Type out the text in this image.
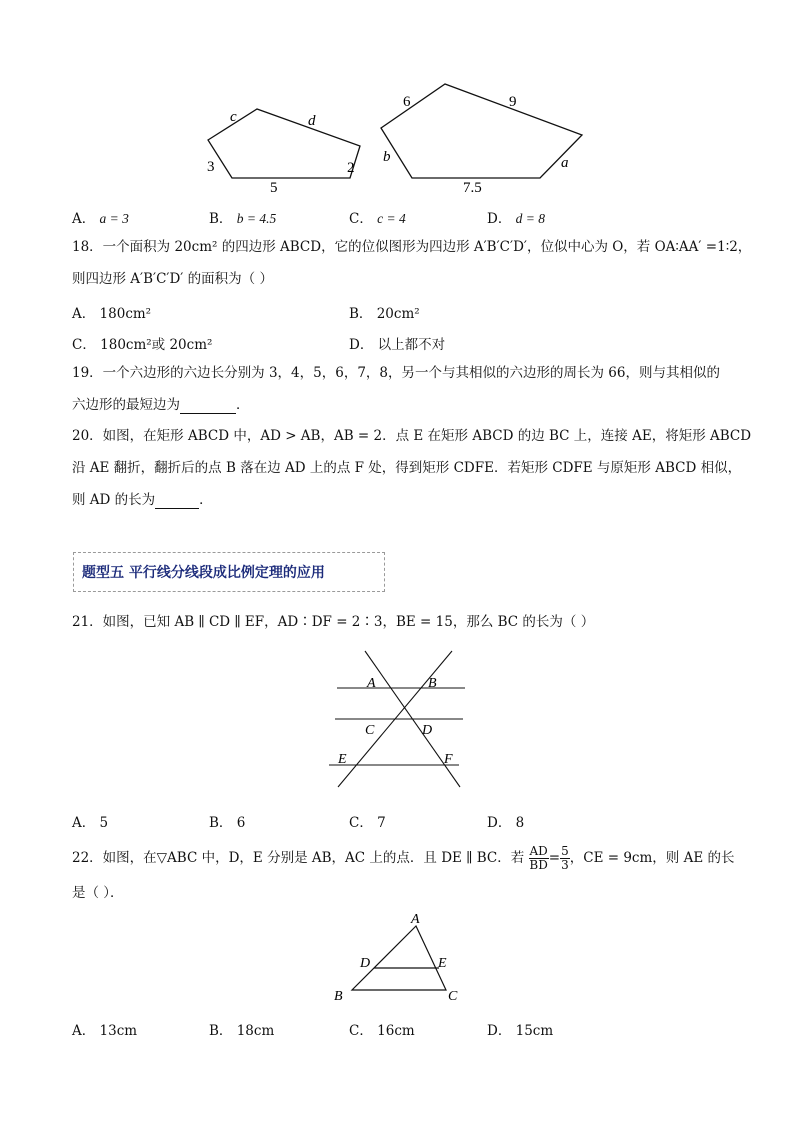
c	d
3
5
2
6	9
b	a
7.5
A． a = 3	B． b = 4.5	C． c = 4	D． d = 8
18．一个面积为 20cm² 的四边形 ABCD，它的位似图形为四边形 A′B′C′D′，位似中心为 O，若 OA∶AA′ =1∶2，
则四边形 A′B′C′D′ 的面积为（ ）
A． 180cm²	B． 20cm²
C． 180cm²或 20cm²	D． 以上都不对
19．一个六边形的六边长分别为 3，4，5，6，7，8，另一个与其相似的六边形的周长为 66，则与其相似的
六边形的最短边为	．
20．如图，在矩形 ABCD 中，AD > AB，AB = 2．点 E 在矩形 ABCD 的边 BC 上，连接 AE，将矩形 ABCD
沿 AE 翻折，翻折后的点 B 落在边 AD 上的点 F 处，得到矩形 CDFE．若矩形 CDFE 与原矩形 ABCD 相似，
则 AD 的长为	．
题型五 平行线分线段成比例定理的应用
21．如图，已知 AB ∥ CD ∥ EF，AD∶DF = 2∶3，BE = 15，那么 BC 的长为（ ）
A	B
C	D
E	F
A． 5	B． 6	C． 7	D． 8
22．如图，在▽ABC 中，D，E 分别是 AB，AC 上的点．且 DE ∥ BC．若 $\frac{AD}{BD} = \frac{5}{3}$ ，CE = 9cm，则 AE 的长
是（ ）．
A
D	E
B	C
A． 13cm	B． 18cm	C． 16cm	D． 15cm
